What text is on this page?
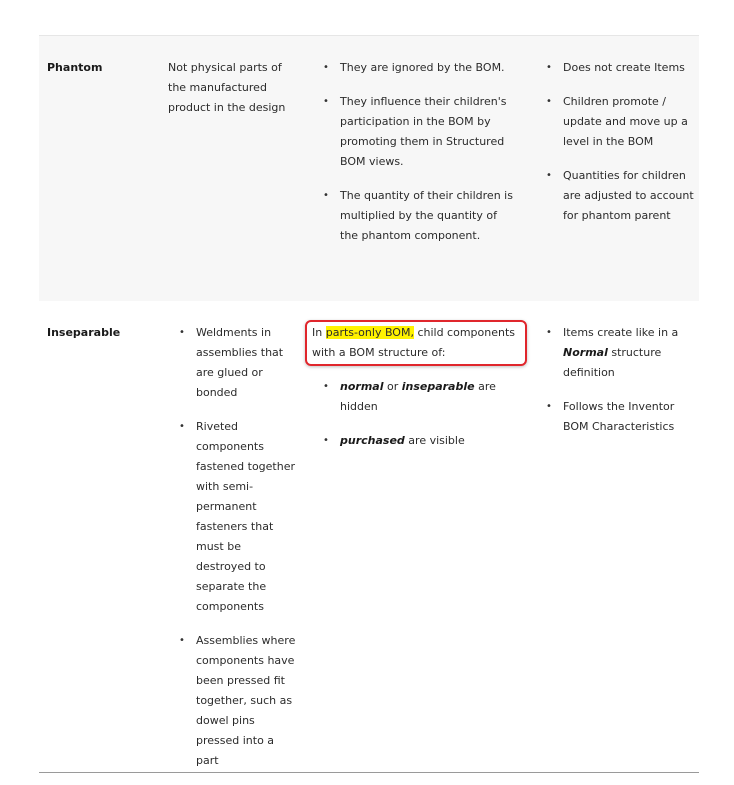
Phantom	Not physical parts of the manufactured product in the design
• They are ignored by the BOM.
• They influence their children's participation in the BOM by promoting them in Structured BOM views.
• The quantity of their children is multiplied by the quantity of the phantom component.
• Does not create Items
• Children promote / update and move up a level in the BOM
• Quantities for children are adjusted to account for phantom parent
Inseparable
•	Weldments in assemblies that are glued or bonded
• Riveted components fastened together with semi-permanent fasteners that must be destroyed to separate the components
• Assemblies where components have been pressed fit together, such as dowel pins pressed into a part
In parts-only BOM, child components with a BOM structure of:
• normal or inseparable are hidden
• purchased are visible
• Items create like in a Normal structure definition
• Follows the Inventor BOM Characteristics
